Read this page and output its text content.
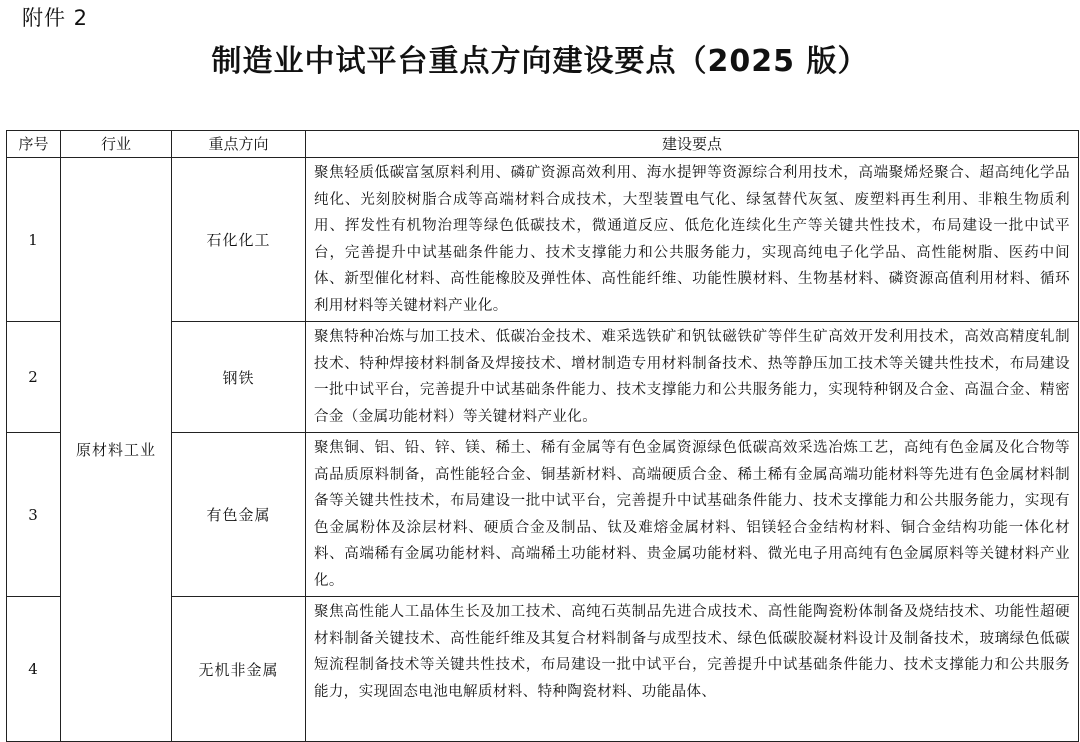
附件 2
制造业中试平台重点方向建设要点（2025 版）
序号	行业	重点方向	建设要点
1	原材料工业	石化化工	聚焦轻质低碳富氢原料利用、磷矿资源高效利用、海水提钾等资源综合利用技术，高端聚烯烃聚合、超高纯化学品纯化、光刻胶树脂合成等高端材料合成技术，大型装置电气化、绿氢替代灰氢、废塑料再生利用、非粮生物质利用、挥发性有机物治理等绿色低碳技术，微通道反应、低危化连续化生产等关键共性技术，布局建设一批中试平台，完善提升中试基础条件能力、技术支撑能力和公共服务能力，实现高纯电子化学品、高性能树脂、医药中间体、新型催化材料、高性能橡胶及弹性体、高性能纤维、功能性膜材料、生物基材料、磷资源高值利用材料、循环利用材料等关键材料产业化。
2		钢铁	聚焦特种冶炼与加工技术、低碳冶金技术、难采选铁矿和钒钛磁铁矿等伴生矿高效开发利用技术，高效高精度轧制技术、特种焊接材料制备及焊接技术、增材制造专用材料制备技术、热等静压加工技术等关键共性技术，布局建设一批中试平台，完善提升中试基础条件能力、技术支撑能力和公共服务能力，实现特种钢及合金、高温合金、精密合金（金属功能材料）等关键材料产业化。
3		有色金属	聚焦铜、铝、铅、锌、镁、稀土、稀有金属等有色金属资源绿色低碳高效采选冶炼工艺，高纯有色金属及化合物等高品质原料制备，高性能轻合金、铜基新材料、高端硬质合金、稀土稀有金属高端功能材料等先进有色金属材料制备等关键共性技术，布局建设一批中试平台，完善提升中试基础条件能力、技术支撑能力和公共服务能力，实现有色金属粉体及涂层材料、硬质合金及制品、钛及难熔金属材料、铝镁轻合金结构材料、铜合金结构功能一体化材料、高端稀有金属功能材料、高端稀土功能材料、贵金属功能材料、微光电子用高纯有色金属原料等关键材料产业化。
4		无机非金属	聚焦高性能人工晶体生长及加工技术、高纯石英制品先进合成技术、高性能陶瓷粉体制备及烧结技术、功能性超硬材料制备关键技术、高性能纤维及其复合材料制备与成型技术、绿色低碳胶凝材料设计及制备技术，玻璃绿色低碳短流程制备技术等关键共性技术，布局建设一批中试平台，完善提升中试基础条件能力、技术支撑能力和公共服务能力，实现固态电池电解质材料、特种陶瓷材料、功能晶体、
